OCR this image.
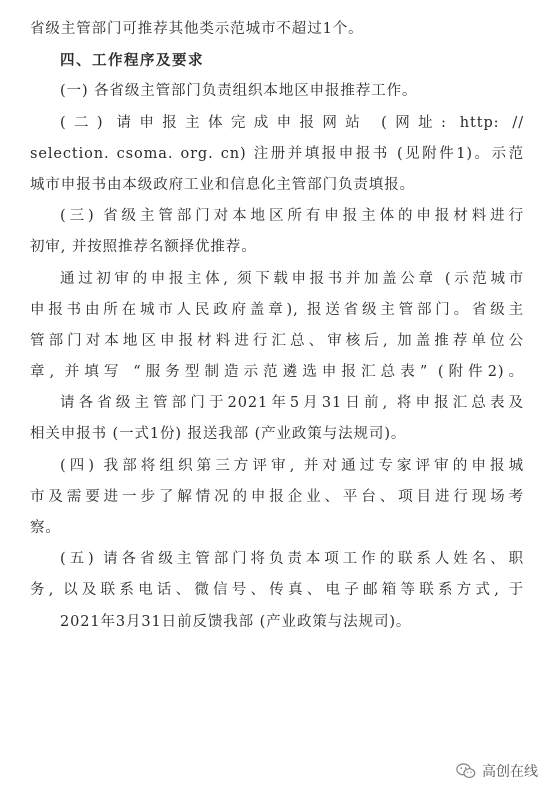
省级主管部门可推荐其他类示范城市不超过1个。
四、工作程序及要求
(一) 各省级主管部门负责组织本地区申报推荐工作。
(二) 请申报主体完成申报网站 (网址: http: //
selection. csoma. org. cn) 注册并填报申报书 (见附件1)。示范
城市申报书由本级政府工业和信息化主管部门负责填报。
(三) 省级主管部门对本地区所有申报主体的申报材料进行
初审, 并按照推荐名额择优推荐。
通过初审的申报主体, 须下载申报书并加盖公章 (示范城市
申报书由所在城市人民政府盖章), 报送省级主管部门。省级主
管部门对本地区申报材料进行汇总、审核后, 加盖推荐单位公
章, 并填写 “服务型制造示范遴选申报汇总表” (附件2)。
请各省级主管部门于2021年5月31日前, 将申报汇总表及
相关申报书 (一式1份) 报送我部 (产业政策与法规司)。
(四) 我部将组织第三方评审, 并对通过专家评审的申报城
市及需要进一步了解情况的申报企业、平台、项目进行现场考
察。
(五) 请各省级主管部门将负责本项工作的联系人姓名、职
务, 以及联系电话、微信号、传真、电子邮箱等联系方式, 于
2021年3月31日前反馈我部 (产业政策与法规司)。
高创在线
